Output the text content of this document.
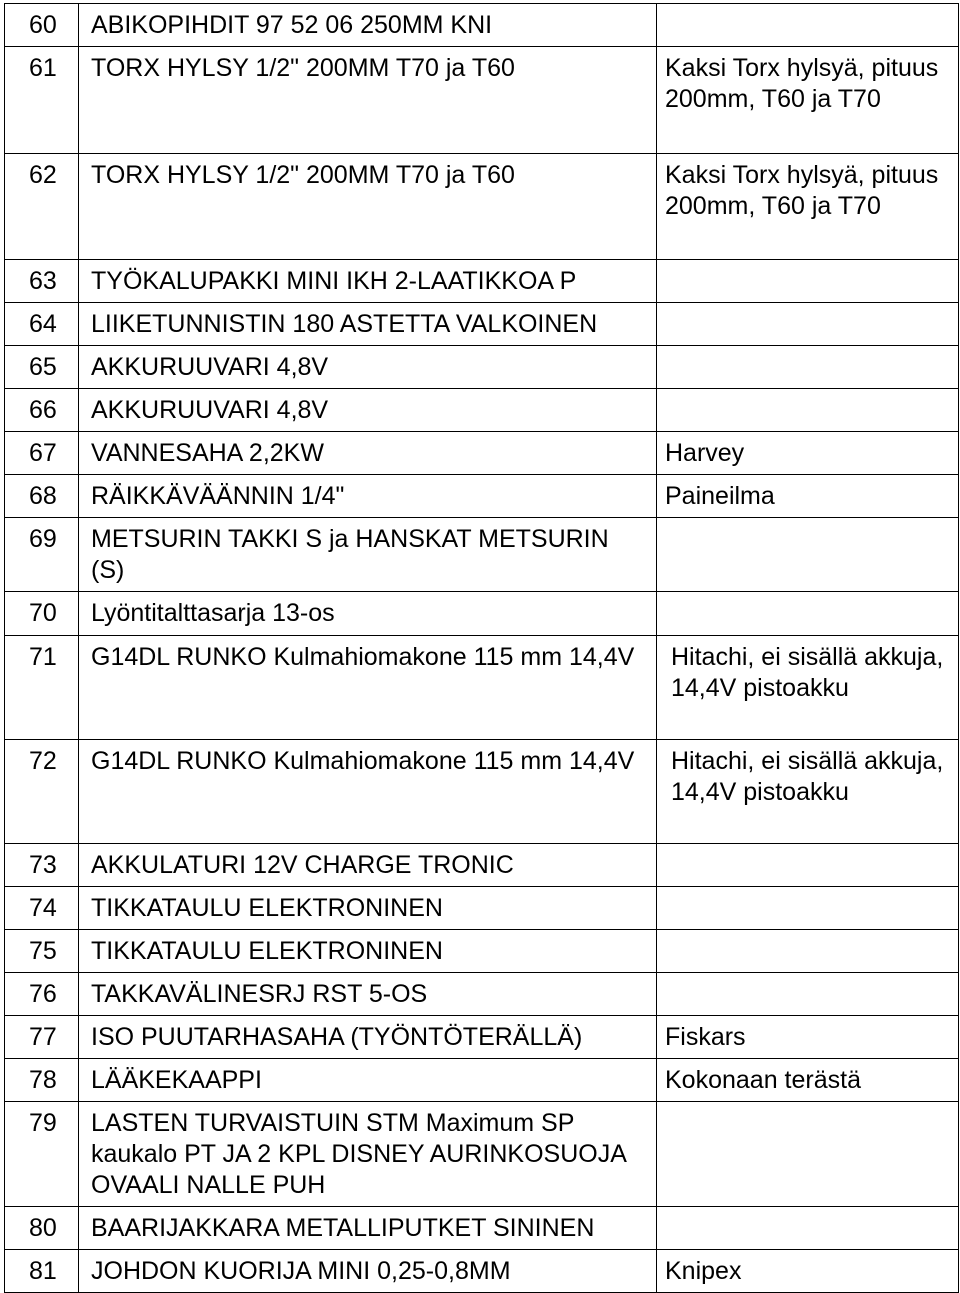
60	ABIKOPIHDIT 97 52 06 250MM KNI	
61	TORX HYLSY 1/2" 200MM T70 ja T60	Kaksi Torx hylsyä, pituus 200mm, T60 ja T70
62	TORX HYLSY 1/2" 200MM T70 ja T60	Kaksi Torx hylsyä, pituus 200mm, T60 ja T70
63	TYÖKALUPAKKI MINI IKH 2-LAATIKKOA P	
64	LIIKETUNNISTIN 180 ASTETTA VALKOINEN	
65	AKKURUUVARI 4,8V	
66	AKKURUUVARI 4,8V	
67	VANNESAHA 2,2KW	Harvey
68	RÄIKKÄVÄÄNNIN 1/4"	Paineilma
69	METSURIN TAKKI S ja HANSKAT METSURIN (S)	
70	Lyöntitalttasarja 13-os	
71	G14DL RUNKO Kulmahiomakone 115 mm 14,4V	Hitachi, ei sisällä akkuja, 14,4V pistoakku
72	G14DL RUNKO Kulmahiomakone 115 mm 14,4V	Hitachi, ei sisällä akkuja, 14,4V pistoakku
73	AKKULATURI 12V CHARGE TRONIC	
74	TIKKATAULU ELEKTRONINEN	
75	TIKKATAULU ELEKTRONINEN	
76	TAKKAVÄLINESRJ RST 5-OS	
77	ISO PUUTARHASAHA (TYÖNTÖTERÄLLÄ)	Fiskars
78	LÄÄKEKAAPPI	Kokonaan terästä
79	LASTEN TURVAISTUIN STM Maximum SP kaukalo PT JA 2 KPL DISNEY AURINKOSUOJA OVAALI NALLE PUH	
80	BAARIJAKKARA METALLIPUTKET SININEN	
81	JOHDON KUORIJA MINI 0,25-0,8MM	Knipex
